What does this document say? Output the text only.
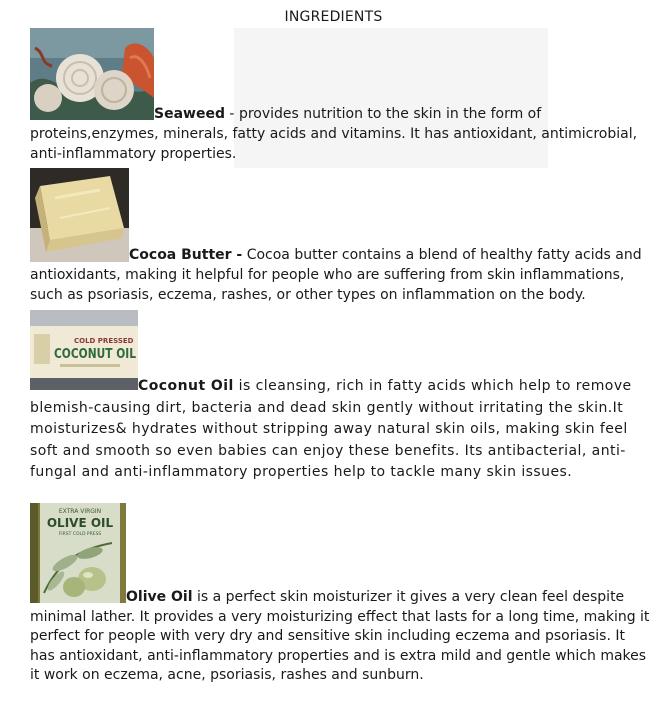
INGREDIENTS

Seaweed - provides nutrition to the skin in the form of proteins,enzymes, minerals, fatty acids and vitamins. It has antioxidant, antimicrobial, anti-inflammatory properties.

Cocoa Butter - Cocoa butter contains a blend of healthy fatty acids and antioxidants, making it helpful for people who are suffering from skin inflammations, such as psoriasis, eczema, rashes, or other types on inflammation on the body.

COLD PRESSED
COCONUT OIL

Coconut Oil is cleansing, rich in fatty acids which help to remove blemish-causing dirt, bacteria and dead skin gently without irritating the skin.It moisturizes& hydrates without stripping away natural skin oils, making skin feel soft and smooth so even babies can enjoy these benefits. Its antibacterial, anti-fungal and anti-inflammatory properties help to tackle many skin issues.

EXTRA VIRGIN
OLIVE OIL
FIRST COLD PRESS

Olive Oil is a perfect skin moisturizer it gives a very clean feel despite minimal lather. It provides a very moisturizing effect that lasts for a long time, making it perfect for people with very dry and sensitive skin including eczema and psoriasis. It has antioxidant, anti-inflammatory properties and is extra mild and gentle which makes it work on eczema, acne, psoriasis, rashes and sunburn.
